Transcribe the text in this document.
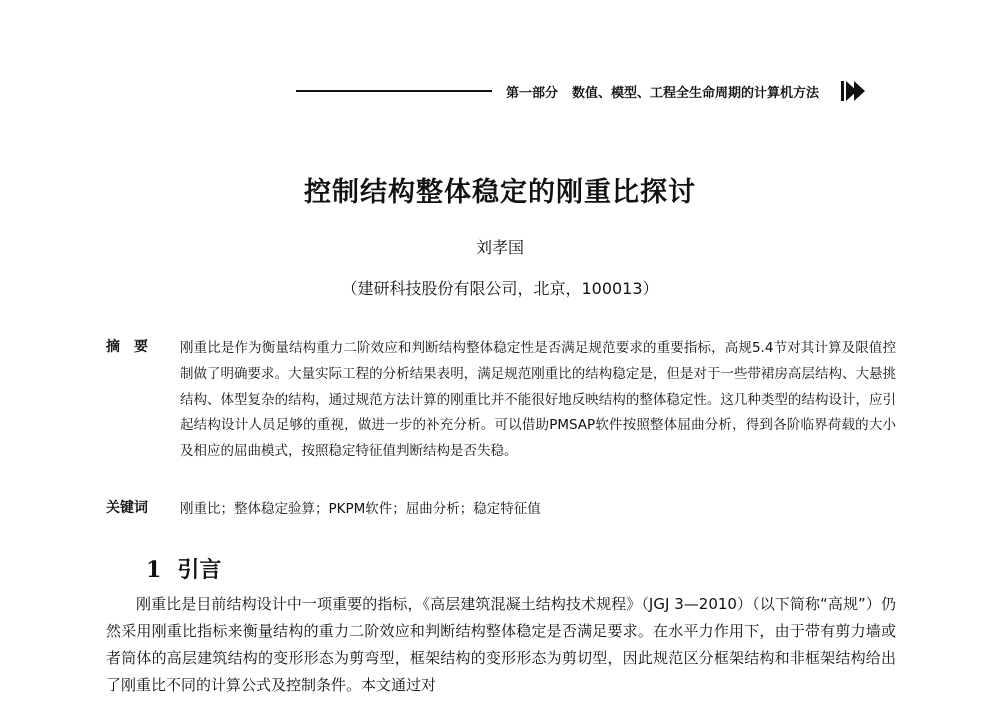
第一部分 数值、模型、工程全生命周期的计算机方法
控制结构整体稳定的刚重比探讨
刘孝国
（建研科技股份有限公司，北京，100013）
摘要 刚重比是作为衡量结构重力二阶效应和判断结构整体稳定性是否满足规范要求的重要指标，高规5.4节对其计算及限值控制做了明确要求。大量实际工程的分析结果表明，满足规范刚重比的结构稳定是，但是对于一些带裙房高层结构、大悬挑结构、体型复杂的结构，通过规范方法计算的刚重比并不能很好地反映结构的整体稳定性。这几种类型的结构设计，应引起结构设计人员足够的重视，做进一步的补充分析。可以借助PMSAP软件按照整体屈曲分析，得到各阶临界荷载的大小及相应的屈曲模式，按照稳定特征值判断结构是否失稳。
关键词	刚重比；整体稳定验算；PKPM软件；屈曲分析；稳定特征值
1 引言

刚重比是目前结构设计中一项重要的指标，《高层建筑混凝土结构技术规程》（JGJ 3—2010）（以下简称“高规”）仍然采用刚重比指标来衡量结构的重力二阶效应和判断结构整体稳定是否满足要求。在水平力作用下，由于带有剪力墙或者筒体的高层建筑结构的变形形态为剪弯型，框架结构的变形形态为剪切型，因此规范区分框架结构和非框架结构给出了刚重比不同的计算公式及控制条件。本文通过对
